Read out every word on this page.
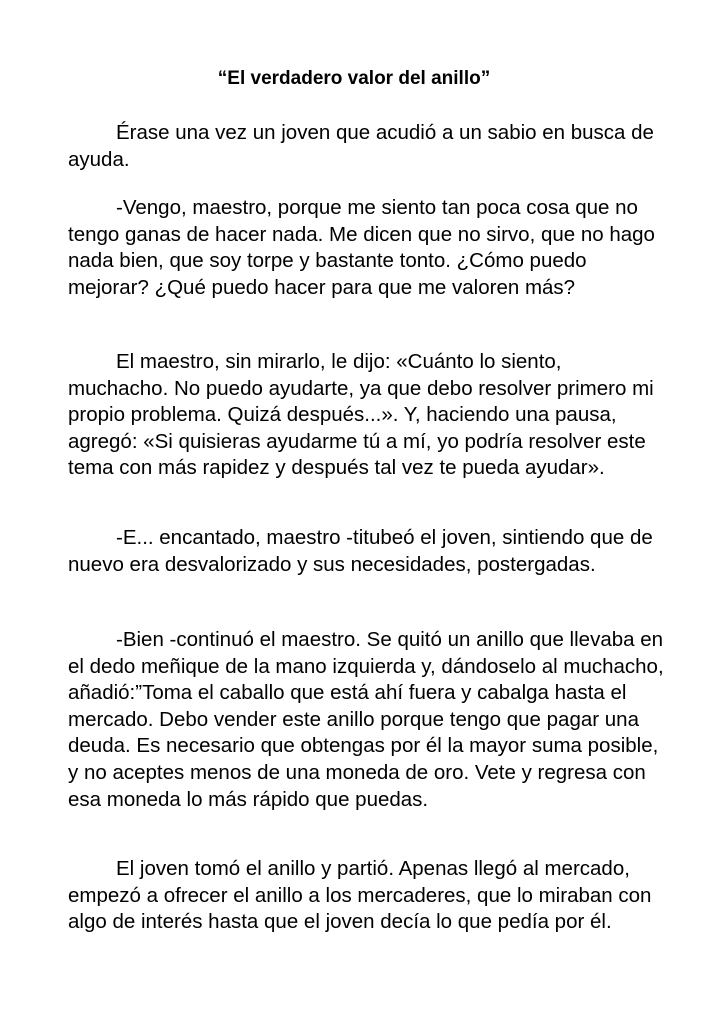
“El verdadero valor del anillo”

Érase una vez un joven que acudió a un sabio en busca de ayuda.

-Vengo, maestro, porque me siento tan poca cosa que no tengo ganas de hacer nada. Me dicen que no sirvo, que no hago nada bien, que soy torpe y bastante tonto. ¿Cómo puedo mejorar? ¿Qué puedo hacer para que me valoren más?

El maestro, sin mirarlo, le dijo: «Cuánto lo siento, muchacho. No puedo ayudarte, ya que debo resolver primero mi propio problema. Quizá después...». Y, haciendo una pausa, agregó: «Si quisieras ayudarme tú a mí, yo podría resolver este tema con más rapidez y después tal vez te pueda ayudar».

-E... encantado, maestro -titubeó el joven, sintiendo que de nuevo era desvalorizado y sus necesidades, postergadas.

-Bien -continuó el maestro. Se quitó un anillo que llevaba en el dedo meñique de la mano izquierda y, dándoselo al muchacho, añadió:”Toma el caballo que está ahí fuera y cabalga hasta el mercado. Debo vender este anillo porque tengo que pagar una deuda. Es necesario que obtengas por él la mayor suma posible, y no aceptes menos de una moneda de oro. Vete y regresa con esa moneda lo más rápido que puedas.

El joven tomó el anillo y partió. Apenas llegó al mercado, empezó a ofrecer el anillo a los mercaderes, que lo miraban con algo de interés hasta que el joven decía lo que pedía por él.
